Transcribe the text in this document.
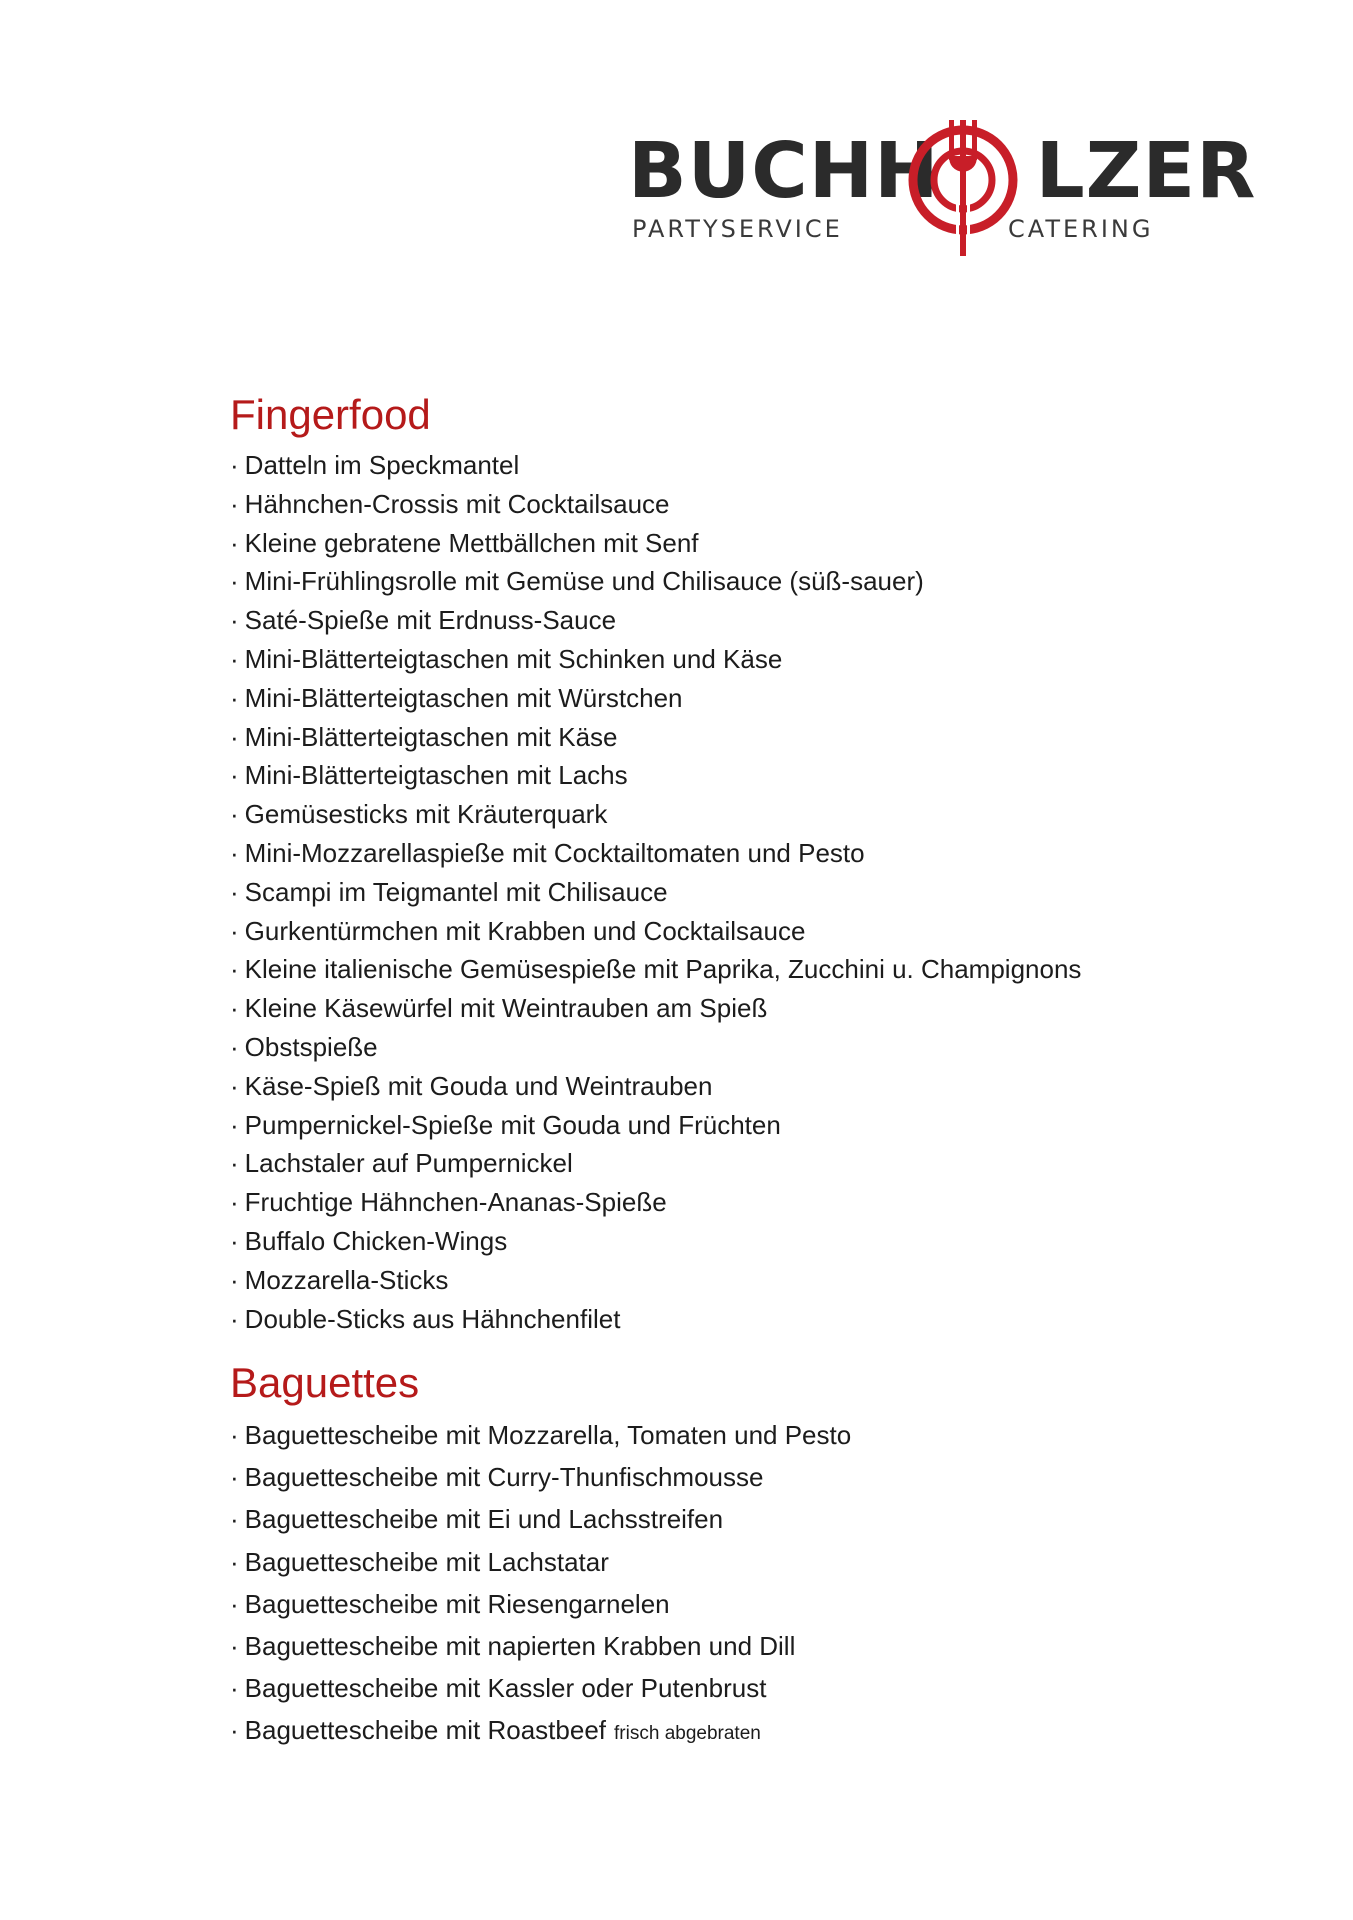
BUCHH LZER
PARTYSERVICE	CATERING
Fingerfood
· Datteln im Speckmantel
· Hähnchen-Crossis mit Cocktailsauce
· Kleine gebratene Mettbällchen mit Senf
· Mini-Frühlingsrolle mit Gemüse und Chilisauce (süß-sauer)
· Saté-Spieße mit Erdnuss-Sauce
· Mini-Blätterteigtaschen mit Schinken und Käse
· Mini-Blätterteigtaschen mit Würstchen
· Mini-Blätterteigtaschen mit Käse
· Mini-Blätterteigtaschen mit Lachs
· Gemüsesticks mit Kräuterquark
· Mini-Mozzarellaspieße mit Cocktailtomaten und Pesto
· Scampi im Teigmantel mit Chilisauce
· Gurkentürmchen mit Krabben und Cocktailsauce
· Kleine italienische Gemüsespieße mit Paprika, Zucchini u. Champignons
· Kleine Käsewürfel mit Weintrauben am Spieß
· Obstspieße
· Käse-Spieß mit Gouda und Weintrauben
· Pumpernickel-Spieße mit Gouda und Früchten
· Lachstaler auf Pumpernickel
· Fruchtige Hähnchen-Ananas-Spieße
· Buffalo Chicken-Wings
· Mozzarella-Sticks
· Double-Sticks aus Hähnchenfilet
Baguettes
· Baguettescheibe mit Mozzarella, Tomaten und Pesto
· Baguettescheibe mit Curry-Thunfischmousse
· Baguettescheibe mit Ei und Lachsstreifen
· Baguettescheibe mit Lachstatar
· Baguettescheibe mit Riesengarnelen
· Baguettescheibe mit napierten Krabben und Dill
· Baguettescheibe mit Kassler oder Putenbrust
· Baguettescheibe mit Roastbeef frisch abgebraten
